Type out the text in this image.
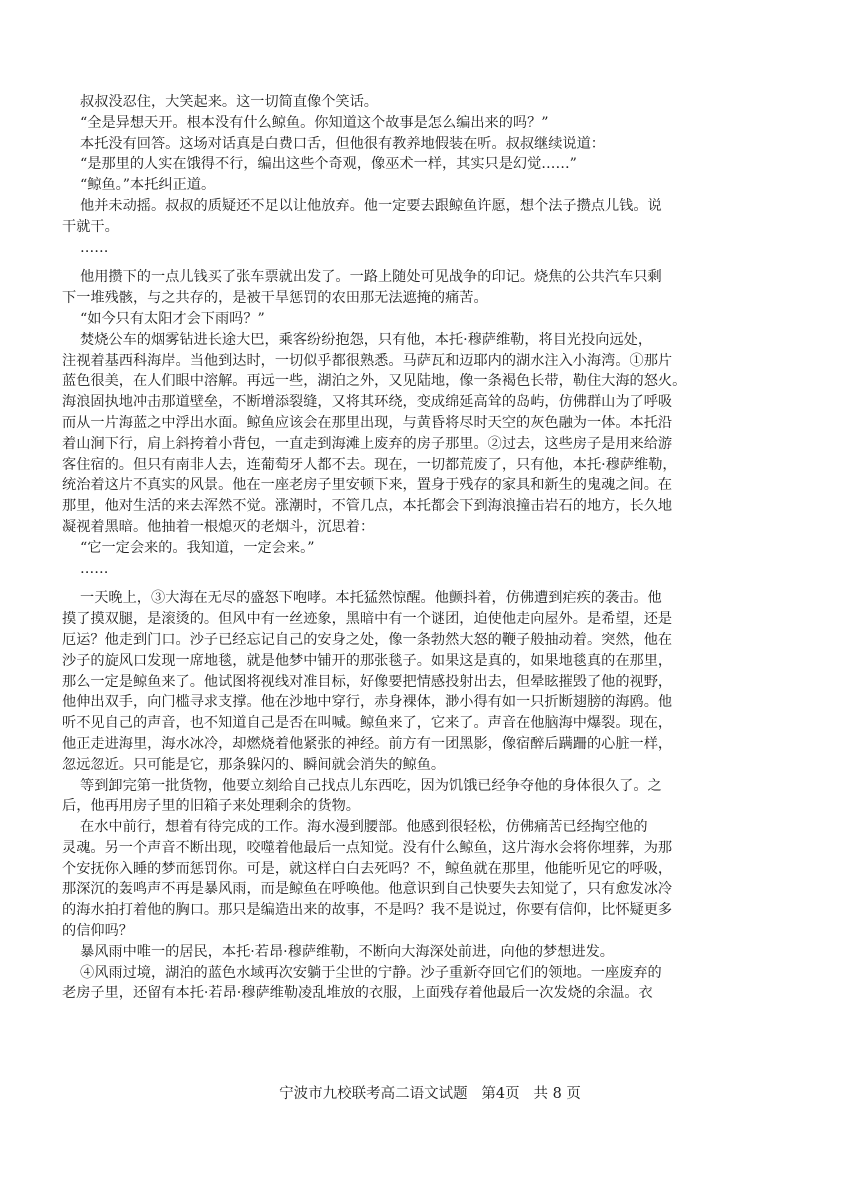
叔叔没忍住，大笑起来。这一切简直像个笑话。

“全是异想天开。根本没有什么鲸鱼。你知道这个故事是怎么编出来的吗？”

本托没有回答。这场对话真是白费口舌，但他很有教养地假装在听。叔叔继续说道：

“是那里的人实在饿得不行，编出这些个奇观，像巫术一样，其实只是幻觉……”

“鲸鱼。”本托纠正道。

他并未动摇。叔叔的质疑还不足以让他放弃。他一定要去跟鲸鱼许愿，想个法子攒点儿钱。说

干就干。

……

他用攒下的一点儿钱买了张车票就出发了。一路上随处可见战争的印记。烧焦的公共汽车只剩

下一堆残骸，与之共存的，是被干旱惩罚的农田那无法遮掩的痛苦。

“如今只有太阳才会下雨吗？”

焚烧公车的烟雾钻进长途大巴，乘客纷纷抱怨，只有他，本托·穆萨维勒，将目光投向远处，

注视着基西科海岸。当他到达时，一切似乎都很熟悉。马萨瓦和迈耶内的湖水注入小海湾。①那片

蓝色很美，在人们眼中溶解。再远一些，湖泊之外，又见陆地，像一条褐色长带，勒住大海的怒火。

海浪固执地冲击那道壁垒，不断增添裂缝，又将其环绕，变成绵延高耸的岛屿，仿佛群山为了呼吸

而从一片海蓝之中浮出水面。鲸鱼应该会在那里出现，与黄昏将尽时天空的灰色融为一体。本托沿

着山涧下行，肩上斜挎着小背包，一直走到海滩上废弃的房子那里。②过去，这些房子是用来给游

客住宿的。但只有南非人去，连葡萄牙人都不去。现在，一切都荒废了，只有他，本托·穆萨维勒，

统治着这片不真实的风景。他在一座老房子里安顿下来，置身于残存的家具和新生的鬼魂之间。在

那里，他对生活的来去浑然不觉。涨潮时，不管几点，本托都会下到海浪撞击岩石的地方，长久地

凝视着黑暗。他抽着一根熄灭的老烟斗，沉思着：

“它一定会来的。我知道，一定会来。”

……

一天晚上，③大海在无尽的盛怒下咆哮。本托猛然惊醒。他颤抖着，仿佛遭到疟疾的袭击。他

摸了摸双腿，是滚烫的。但风中有一丝迹象，黑暗中有一个谜团，迫使他走向屋外。是希望，还是

厄运？他走到门口。沙子已经忘记自己的安身之处，像一条勃然大怒的鞭子般抽动着。突然，他在

沙子的旋风口发现一席地毯，就是他梦中铺开的那张毯子。如果这是真的，如果地毯真的在那里，

那么一定是鲸鱼来了。他试图将视线对准目标，好像要把情感投射出去，但晕眩摧毁了他的视野，

他伸出双手，向门槛寻求支撑。他在沙地中穿行，赤身裸体，渺小得有如一只折断翅膀的海鸥。他

听不见自己的声音，也不知道自己是否在叫喊。鲸鱼来了，它来了。声音在他脑海中爆裂。现在，

他正走进海里，海水冰冷，却燃烧着他紧张的神经。前方有一团黑影，像宿醉后蹒跚的心脏一样，

忽远忽近。只可能是它，那条躲闪的、瞬间就会消失的鲸鱼。

等到卸完第一批货物，他要立刻给自己找点儿东西吃，因为饥饿已经争夺他的身体很久了。之

后，他再用房子里的旧箱子来处理剩余的货物。

在水中前行，想着有待完成的工作。海水漫到腰部。他感到很轻松，仿佛痛苦已经掏空他的

灵魂。另一个声音不断出现，咬噬着他最后一点知觉。没有什么鲸鱼，这片海水会将你埋葬，为那

个安抚你入睡的梦而惩罚你。可是，就这样白白去死吗？不，鲸鱼就在那里，他能听见它的呼吸，

那深沉的轰鸣声不再是暴风雨，而是鲸鱼在呼唤他。他意识到自己快要失去知觉了，只有愈发冰冷

的海水拍打着他的胸口。那只是编造出来的故事，不是吗？我不是说过，你要有信仰，比怀疑更多

的信仰吗？

暴风雨中唯一的居民，本托·若昂·穆萨维勒，不断向大海深处前进，向他的梦想进发。

④风雨过境，湖泊的蓝色水域再次安躺于尘世的宁静。沙子重新夺回它们的领地。一座废弃的

老房子里，还留有本托·若昂·穆萨维勒凌乱堆放的衣服，上面残存着他最后一次发烧的余温。衣

宁波市九校联考高二语文试题   第4页   共 8 页
